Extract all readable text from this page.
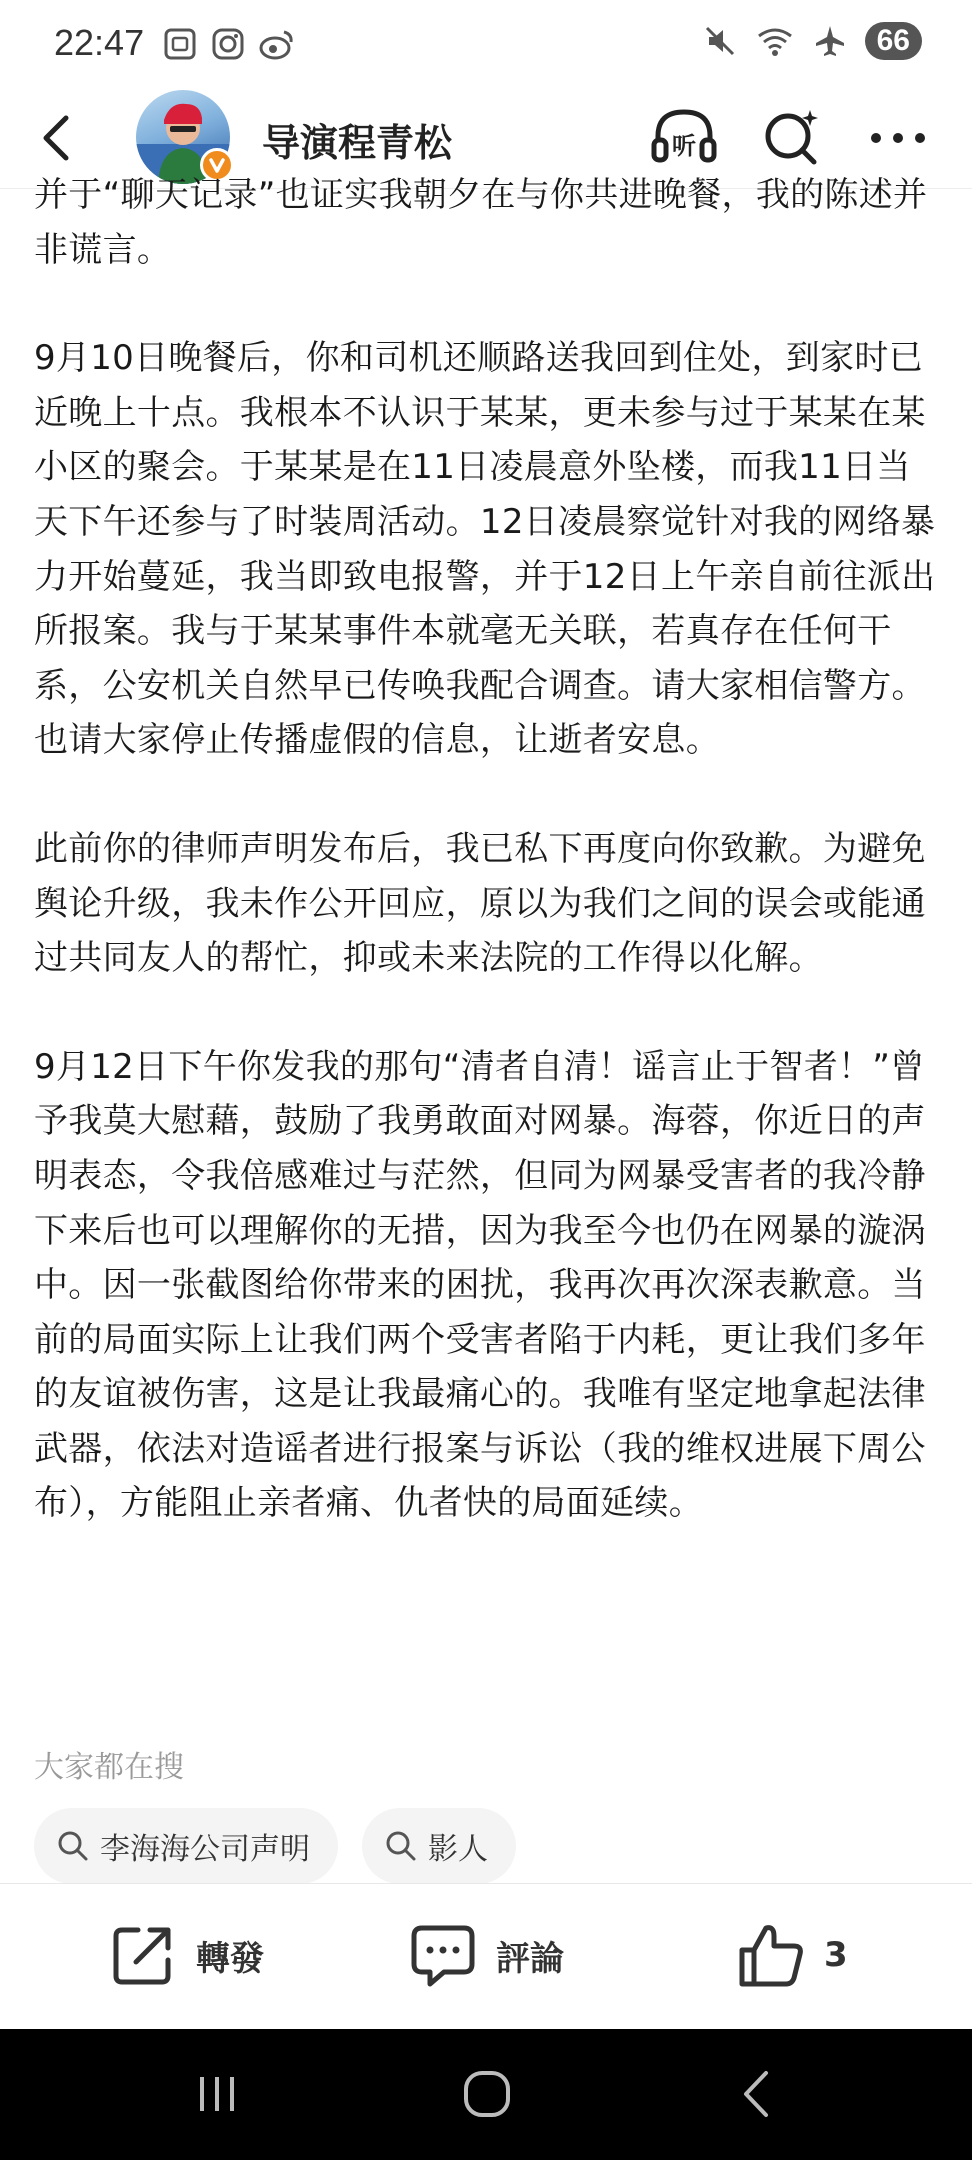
22:47	66
导演程青松	听

并于“聊天记录”也证实我朝夕在与你共进晚餐，我的陈述并非谎言。

9月10日晚餐后，你和司机还顺路送我回到住处，到家时已近晚上十点。我根本不认识于某某，更未参与过于某某在某小区的聚会。于某某是在11日凌晨意外坠楼，而我11日当天下午还参与了时装周活动。12日凌晨察觉针对我的网络暴力开始蔓延，我当即致电报警，并于12日上午亲自前往派出所报案。我与于某某事件本就毫无关联，若真存在任何干系，公安机关自然早已传唤我配合调查。请大家相信警方。也请大家停止传播虚假的信息，让逝者安息。

此前你的律师声明发布后，我已私下再度向你致歉。为避免舆论升级，我未作公开回应，原以为我们之间的误会或能通过共同友人的帮忙，抑或未来法院的工作得以化解。

9月12日下午你发我的那句“清者自清！谣言止于智者！”曾予我莫大慰藉，鼓励了我勇敢面对网暴。海蓉，你近日的声明表态，令我倍感难过与茫然，但同为网暴受害者的我冷静下来后也可以理解你的无措，因为我至今也仍在网暴的漩涡中。因一张截图给你带来的困扰，我再次再次深表歉意。当前的局面实际上让我们两个受害者陷于内耗，更让我们多年的友谊被伤害，这是让我最痛心的。我唯有坚定地拿起法律武器，依法对造谣者进行报案与诉讼（我的维权进展下周公布），方能阻止亲者痛、仇者快的局面延续。

大家都在搜

李海海公司声明	影人
轉發	評論	3
